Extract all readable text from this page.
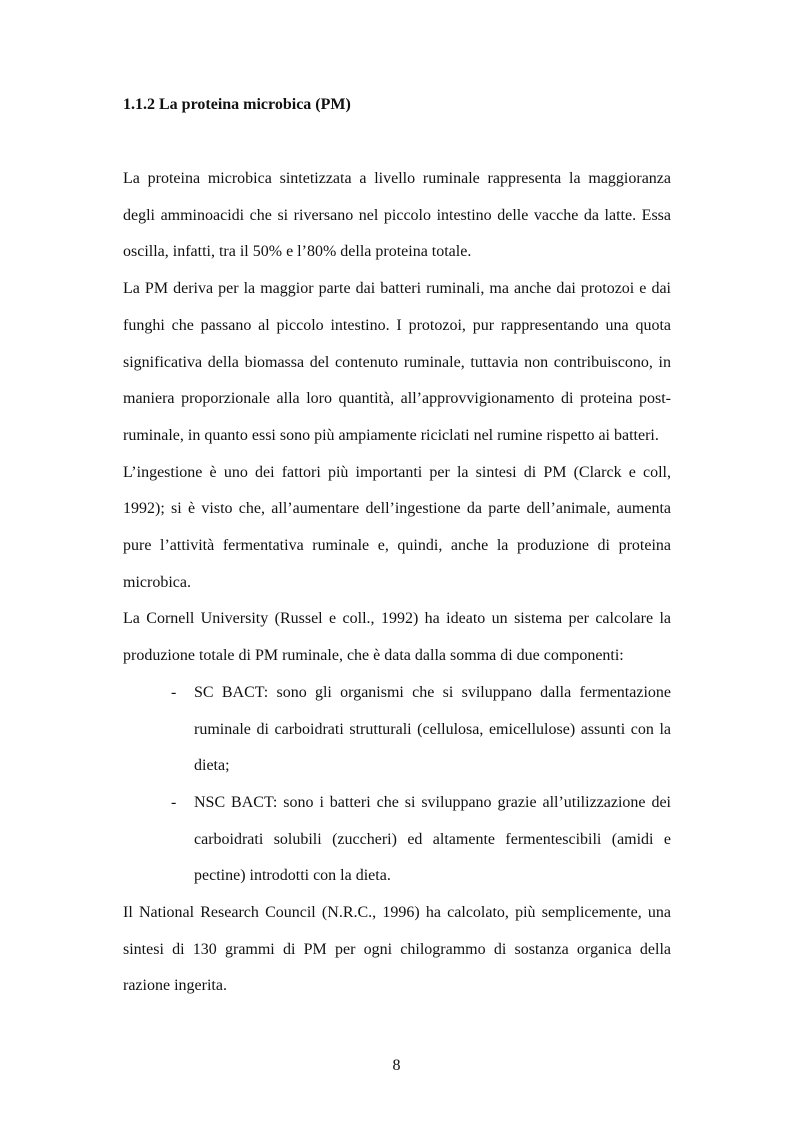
1.1.2 La proteina microbica (PM)

La proteina microbica sintetizzata a livello ruminale rappresenta la maggioranza degli amminoacidi che si riversano nel piccolo intestino delle vacche da latte. Essa oscilla, infatti, tra il 50% e l’80% della proteina totale.

La PM deriva per la maggior parte dai batteri ruminali, ma anche dai protozoi e dai funghi che passano al piccolo intestino. I protozoi, pur rappresentando una quota significativa della biomassa del contenuto ruminale, tuttavia non contribuiscono, in maniera proporzionale alla loro quantità, all’approvvigionamento di proteina post-ruminale, in quanto essi sono più ampiamente riciclati nel rumine rispetto ai batteri.

L’ingestione è uno dei fattori più importanti per la sintesi di PM (Clarck e coll, 1992); si è visto che, all’aumentare dell’ingestione da parte dell’animale, aumenta pure l’attività fermentativa ruminale e, quindi, anche la produzione di proteina microbica.

La Cornell University (Russel e coll., 1992) ha ideato un sistema per calcolare la produzione totale di PM ruminale, che è data dalla somma di due componenti:

- SC BACT: sono gli organismi che si sviluppano dalla fermentazione ruminale di carboidrati strutturali (cellulosa, emicellulose) assunti con la dieta;
- NSC BACT: sono i batteri che si sviluppano grazie all’utilizzazione dei carboidrati solubili (zuccheri) ed altamente fermentescibili (amidi e pectine) introdotti con la dieta.

Il National Research Council (N.R.C., 1996) ha calcolato, più semplicemente, una sintesi di 130 grammi di PM per ogni chilogrammo di sostanza organica della razione ingerita.

8
